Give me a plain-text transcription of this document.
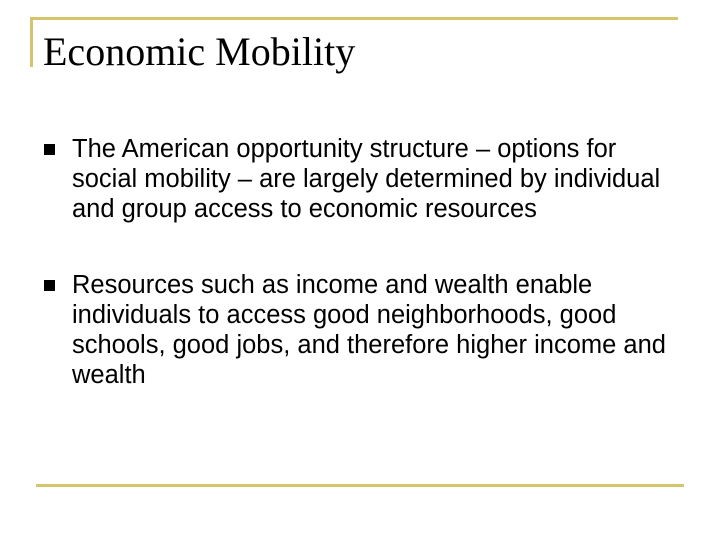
Economic Mobility
The American opportunity structure – options for social mobility – are largely determined by individual and group access to economic resources
Resources such as income and wealth enable individuals to access good neighborhoods, good schools, good jobs, and therefore higher income and wealth
